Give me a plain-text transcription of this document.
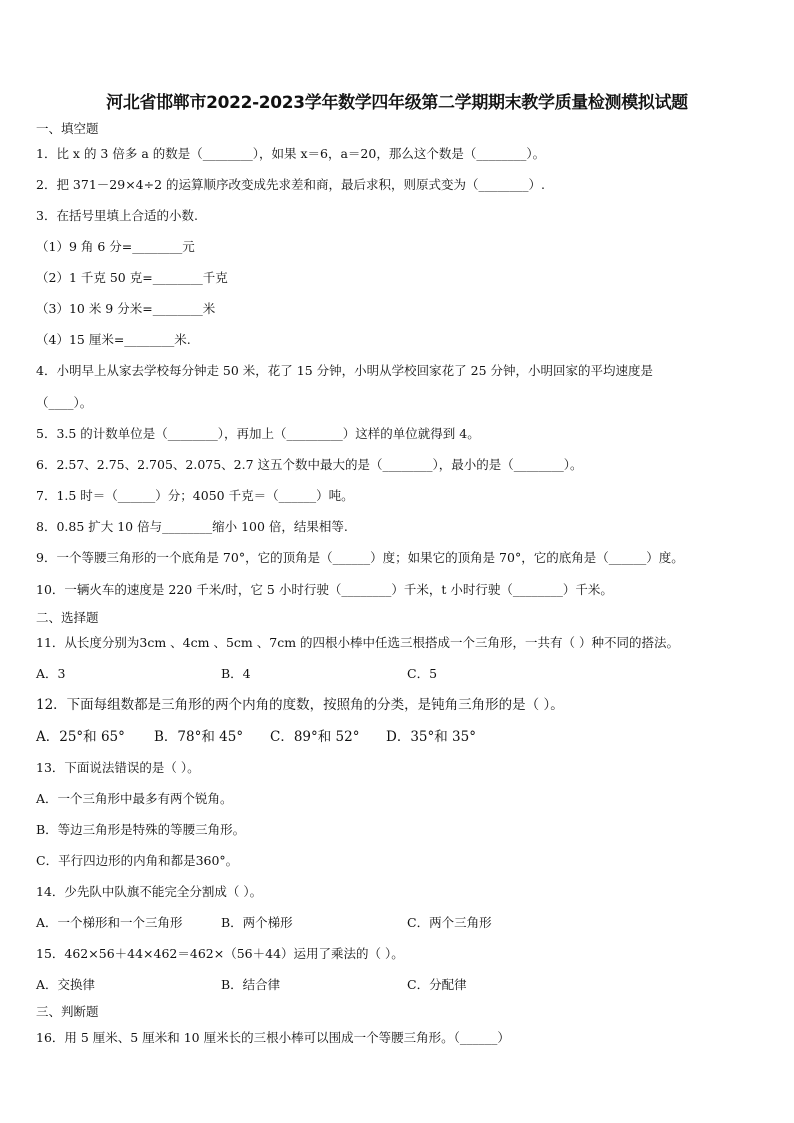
河北省邯郸市2022-2023学年数学四年级第二学期期末教学质量检测模拟试题
一、填空题
1．比 x 的 3 倍多 a 的数是（________），如果 x＝6，a＝20，那么这个数是（________）。
2．把 371－29×4÷2 的运算顺序改变成先求差和商，最后求积，则原式变为（________）.
3．在括号里填上合适的小数.
（1）9 角 6 分=________元
（2）1 千克 50 克=________千克
（3）10 米 9 分米=________米
（4）15 厘米=________米.
4．小明早上从家去学校每分钟走 50 米，花了 15 分钟，小明从学校回家花了 25 分钟，小明回家的平均速度是
（____）。
5．3.5 的计数单位是（________），再加上（_________）这样的单位就得到 4。
6．2.57、2.75、2.705、2.075、2.7 这五个数中最大的是（________），最小的是（________）。
7．1.5 时＝（______）分；4050 千克＝（______）吨。
8．0.85 扩大 10 倍与________缩小 100 倍，结果相等.
9．一个等腰三角形的一个底角是 70°，它的顶角是（______）度；如果它的顶角是 70°，它的底角是（______）度。
10．一辆火车的速度是 220 千米/时，它 5 小时行驶（________）千米，t 小时行驶（________）千米。
二、选择题
11．从长度分别为3cm 、4cm 、5cm 、7cm 的四根小棒中任选三根搭成一个三角形，一共有（ ）种不同的搭法。
A．3	B．4	C．5
12．下面每组数都是三角形的两个内角的度数，按照角的分类，是钝角三角形的是（ ）。
A．25°和 65° B．78°和 45° C．89°和 52° D．35°和 35°
13．下面说法错误的是（ ）。
A．一个三角形中最多有两个锐角。
B．等边三角形是特殊的等腰三角形。
C．平行四边形的内角和都是360°。
14．少先队中队旗不能完全分割成（ ）。
A．一个梯形和一个三角形	B．两个梯形	C．两个三角形
15．462×56＋44×462＝462×（56＋44）运用了乘法的（ ）。
A．交换律	B．结合律	C．分配律
三、判断题
16．用 5 厘米、5 厘米和 10 厘米长的三根小棒可以围成一个等腰三角形。（______）
